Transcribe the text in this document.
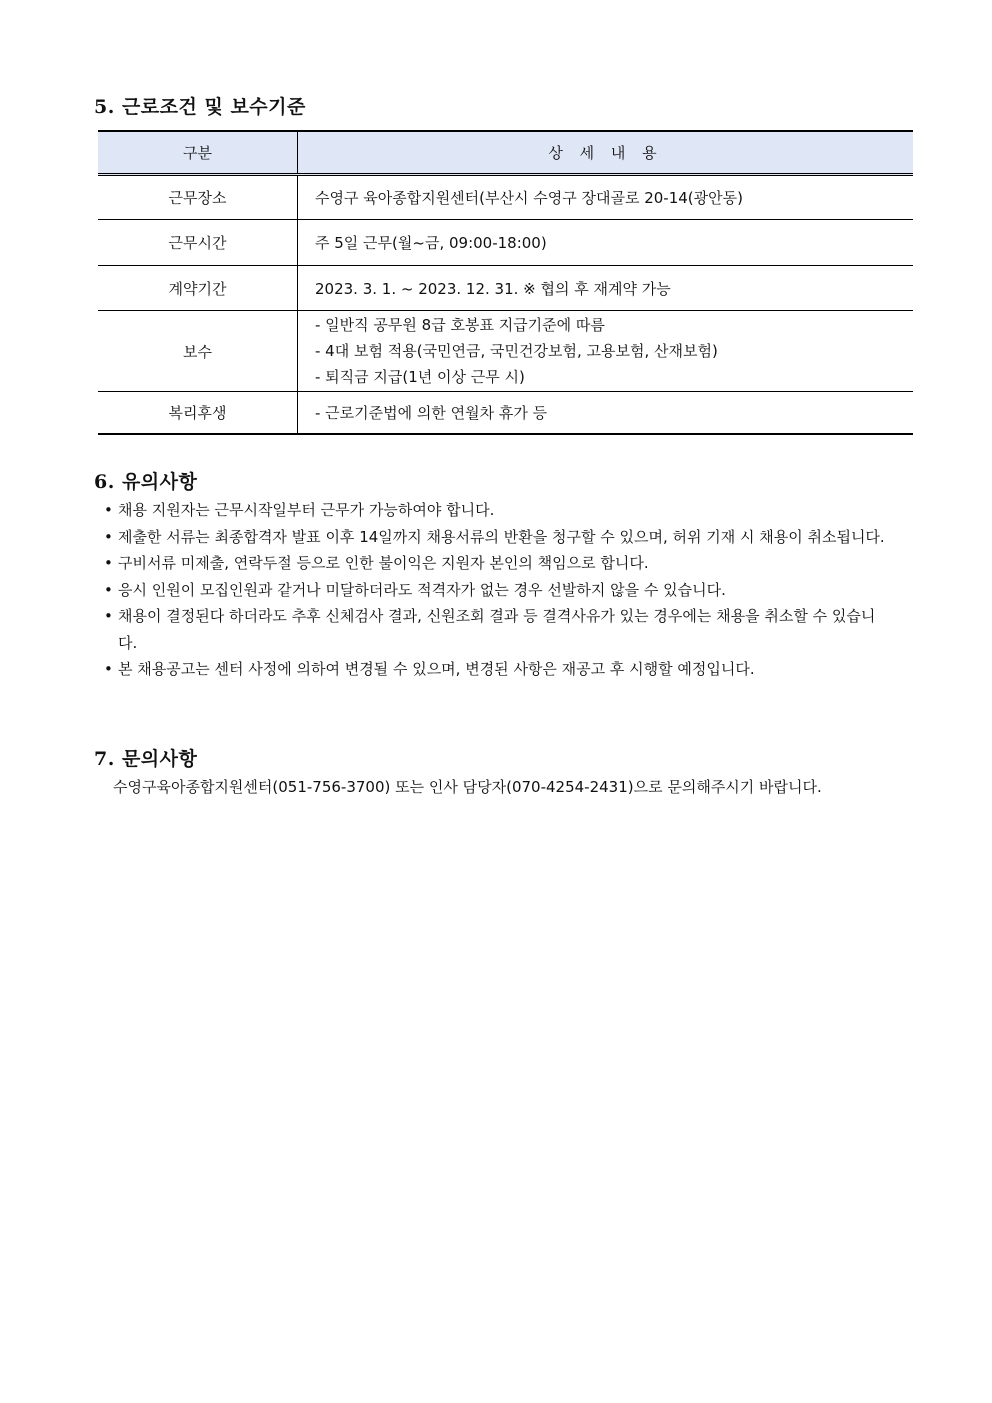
5. 근로조건 및 보수기준
구분	상 세 내 용
근무장소	수영구 육아종합지원센터(부산시 수영구 장대골로 20-14(광안동)
근무시간	주 5일 근무(월~금, 09:00-18:00)
계약기간	2023. 3. 1. ~ 2023. 12. 31. ※ 협의 후 재계약 가능
보수	- 일반직 공무원 8급 호봉표 지급기준에 따름
- 4대 보험 적용(국민연금, 국민건강보험, 고용보험, 산재보험)
- 퇴직금 지급(1년 이상 근무 시)

복리후생	- 근로기준법에 의한 연월차 휴가 등
6. 유의사항
• 채용 지원자는 근무시작일부터 근무가 가능하여야 합니다.
• 제출한 서류는 최종합격자 발표 이후 14일까지 채용서류의 반환을 청구할 수 있으며, 허위 기재 시 채용이 취소됩니다.
• 구비서류 미제출, 연락두절 등으로 인한 불이익은 지원자 본인의 책임으로 합니다.
• 응시 인원이 모집인원과 같거나 미달하더라도 적격자가 없는 경우 선발하지 않을 수 있습니다.
• 채용이 결정된다 하더라도 추후 신체검사 결과, 신원조회 결과 등 결격사유가 있는 경우에는 채용을 취소할 수 있습니다.
• 본 채용공고는 센터 사정에 의하여 변경될 수 있으며, 변경된 사항은 재공고 후 시행할 예정입니다.
7. 문의사항
수영구육아종합지원센터(051-756-3700) 또는 인사 담당자(070-4254-2431)으로 문의해주시기 바랍니다.
